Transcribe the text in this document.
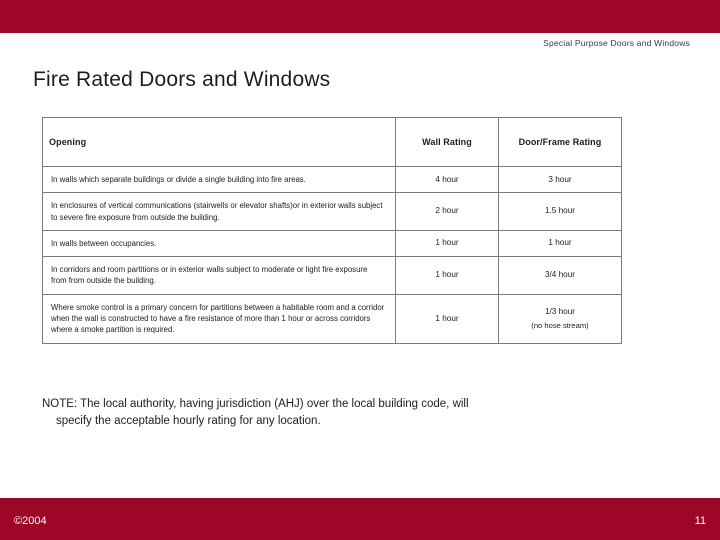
Special Purpose Doors and Windows
Fire Rated Doors and Windows
Opening	Wall Rating	Door/Frame Rating
In walls which separate buildings or divide a single building into fire areas.	4 hour	3 hour
In enclosures of vertical communications (stairwells or elevator shafts)or in exterior walls subject to severe fire exposure from outside the building.	2 hour	1.5 hour
In walls between occupancies.	1 hour	1 hour
In corridors and room partitions or in exterior walls subject to moderate or light fire exposure from from outside the building.	1 hour	3/4 hour
Where smoke control is a primary concern for partitions between a habitable room and a corridor when the wall is constructed to have a fire resistance of more than 1 hour or across corridors where a smoke partition is required.	1 hour	1/3 hour
(no hose stream)
NOTE: The local authority, having jurisdiction (AHJ) over the local building code, will
specify the acceptable hourly rating for any location.
©2004	11
